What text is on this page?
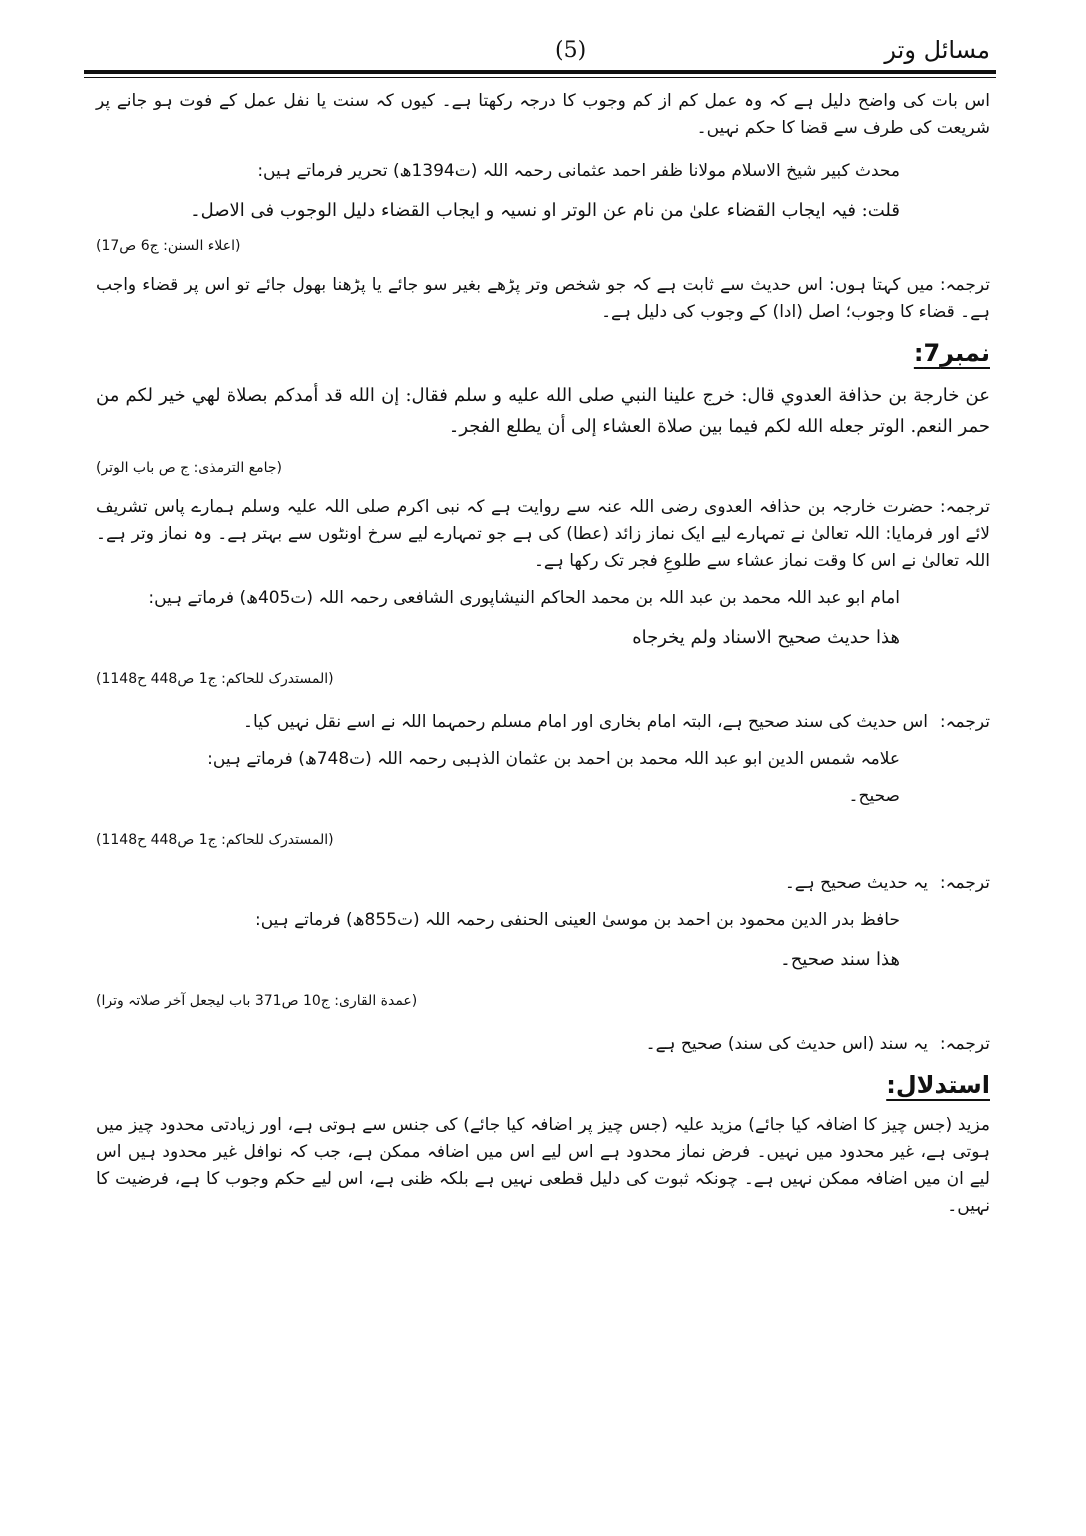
مسائل وتر
(5)

اس بات کی واضح دلیل ہے کہ وہ عمل کم از کم وجوب کا درجہ رکھتا ہے۔ کیوں کہ سنت یا نفل عمل کے فوت ہو جانے پر شریعت کی طرف سے قضا کا حکم نہیں۔

محدث کبیر شیخ الاسلام مولانا ظفر احمد عثمانی رحمہ اللہ (ت1394ھ) تحریر فرماتے ہیں:

قلت: فیہ ایجاب القضاء علیٰ من نام عن الوتر او نسیہ و ایجاب القضاء دلیل الوجوب فی الاصل۔

(اعلاء السنن: ج6 ص17)

ترجمہ: میں کہتا ہوں: اس حدیث سے ثابت ہے کہ جو شخص وتر پڑھے بغیر سو جائے یا پڑھنا بھول جائے تو اس پر قضاء واجب ہے۔ قضاء کا وجوب؛ اصل (ادا) کے وجوب کی دلیل ہے۔

نمبر7:

عن خارجة بن حذافة العدوي قال: خرج علينا النبي صلى الله عليه و سلم فقال: إن الله قد أمدكم بصلاة لهي خير لكم من حمر النعم. الوتر جعله الله لكم فيما بين صلاة العشاء إلى أن يطلع الفجر۔

(جامع الترمذی: ج ص باب الوتر)

ترجمہ: حضرت خارجہ بن حذافہ العدوی رضی اللہ عنہ سے روایت ہے کہ نبی اکرم صلی اللہ علیہ وسلم ہمارے پاس تشریف لائے اور فرمایا: اللہ تعالیٰ نے تمہارے لیے ایک نماز زائد (عطا) کی ہے جو تمہارے لیے سرخ اونٹوں سے بہتر ہے۔ وہ نماز وتر ہے۔ اللہ تعالیٰ نے اس کا وقت نماز عشاء سے طلوعِ فجر تک رکھا ہے۔

امام ابو عبد اللہ محمد بن عبد اللہ بن محمد الحاکم النیشاپوری الشافعی رحمہ اللہ (ت405ھ) فرماتے ہیں:

هذا حديث صحيح الاسناد ولم يخرجاه

(المستدرک للحاکم: ج1 ص448 ح1148)

ترجمہ:
اس حدیث کی سند صحیح ہے، البتہ امام بخاری اور امام مسلم رحمہما اللہ نے اسے نقل نہیں کیا۔

علامہ شمس الدین ابو عبد اللہ محمد بن احمد بن عثمان الذہبی رحمہ اللہ (ت748ھ) فرماتے ہیں:

صحیح۔

(المستدرک للحاکم: ج1 ص448 ح1148)

ترجمہ:
یہ حدیث صحیح ہے۔

حافظ بدر الدین محمود بن احمد بن موسیٰ العینی الحنفی رحمہ اللہ (ت855ھ) فرماتے ہیں:

هذا سند صحيح۔

(عمدة القاری: ج10 ص371 باب لیجعل آخر صلاتہ وترا)

ترجمہ:
یہ سند (اس حدیث کی سند) صحیح ہے۔
استدلال:

مزید (جس چیز کا اضافہ کیا جائے) مزید علیہ (جس چیز پر اضافہ کیا جائے) کی جنس سے ہوتی ہے، اور زیادتی محدود چیز میں ہوتی ہے، غیر محدود میں نہیں۔ فرض نماز محدود ہے اس لیے اس میں اضافہ ممکن ہے، جب کہ نوافل غیر محدود ہیں اس لیے ان میں اضافہ ممکن نہیں ہے۔ چونکہ ثبوت کی دلیل قطعی نہیں ہے بلکہ ظنی ہے، اس لیے حکم وجوب کا ہے، فرضیت کا نہیں۔
